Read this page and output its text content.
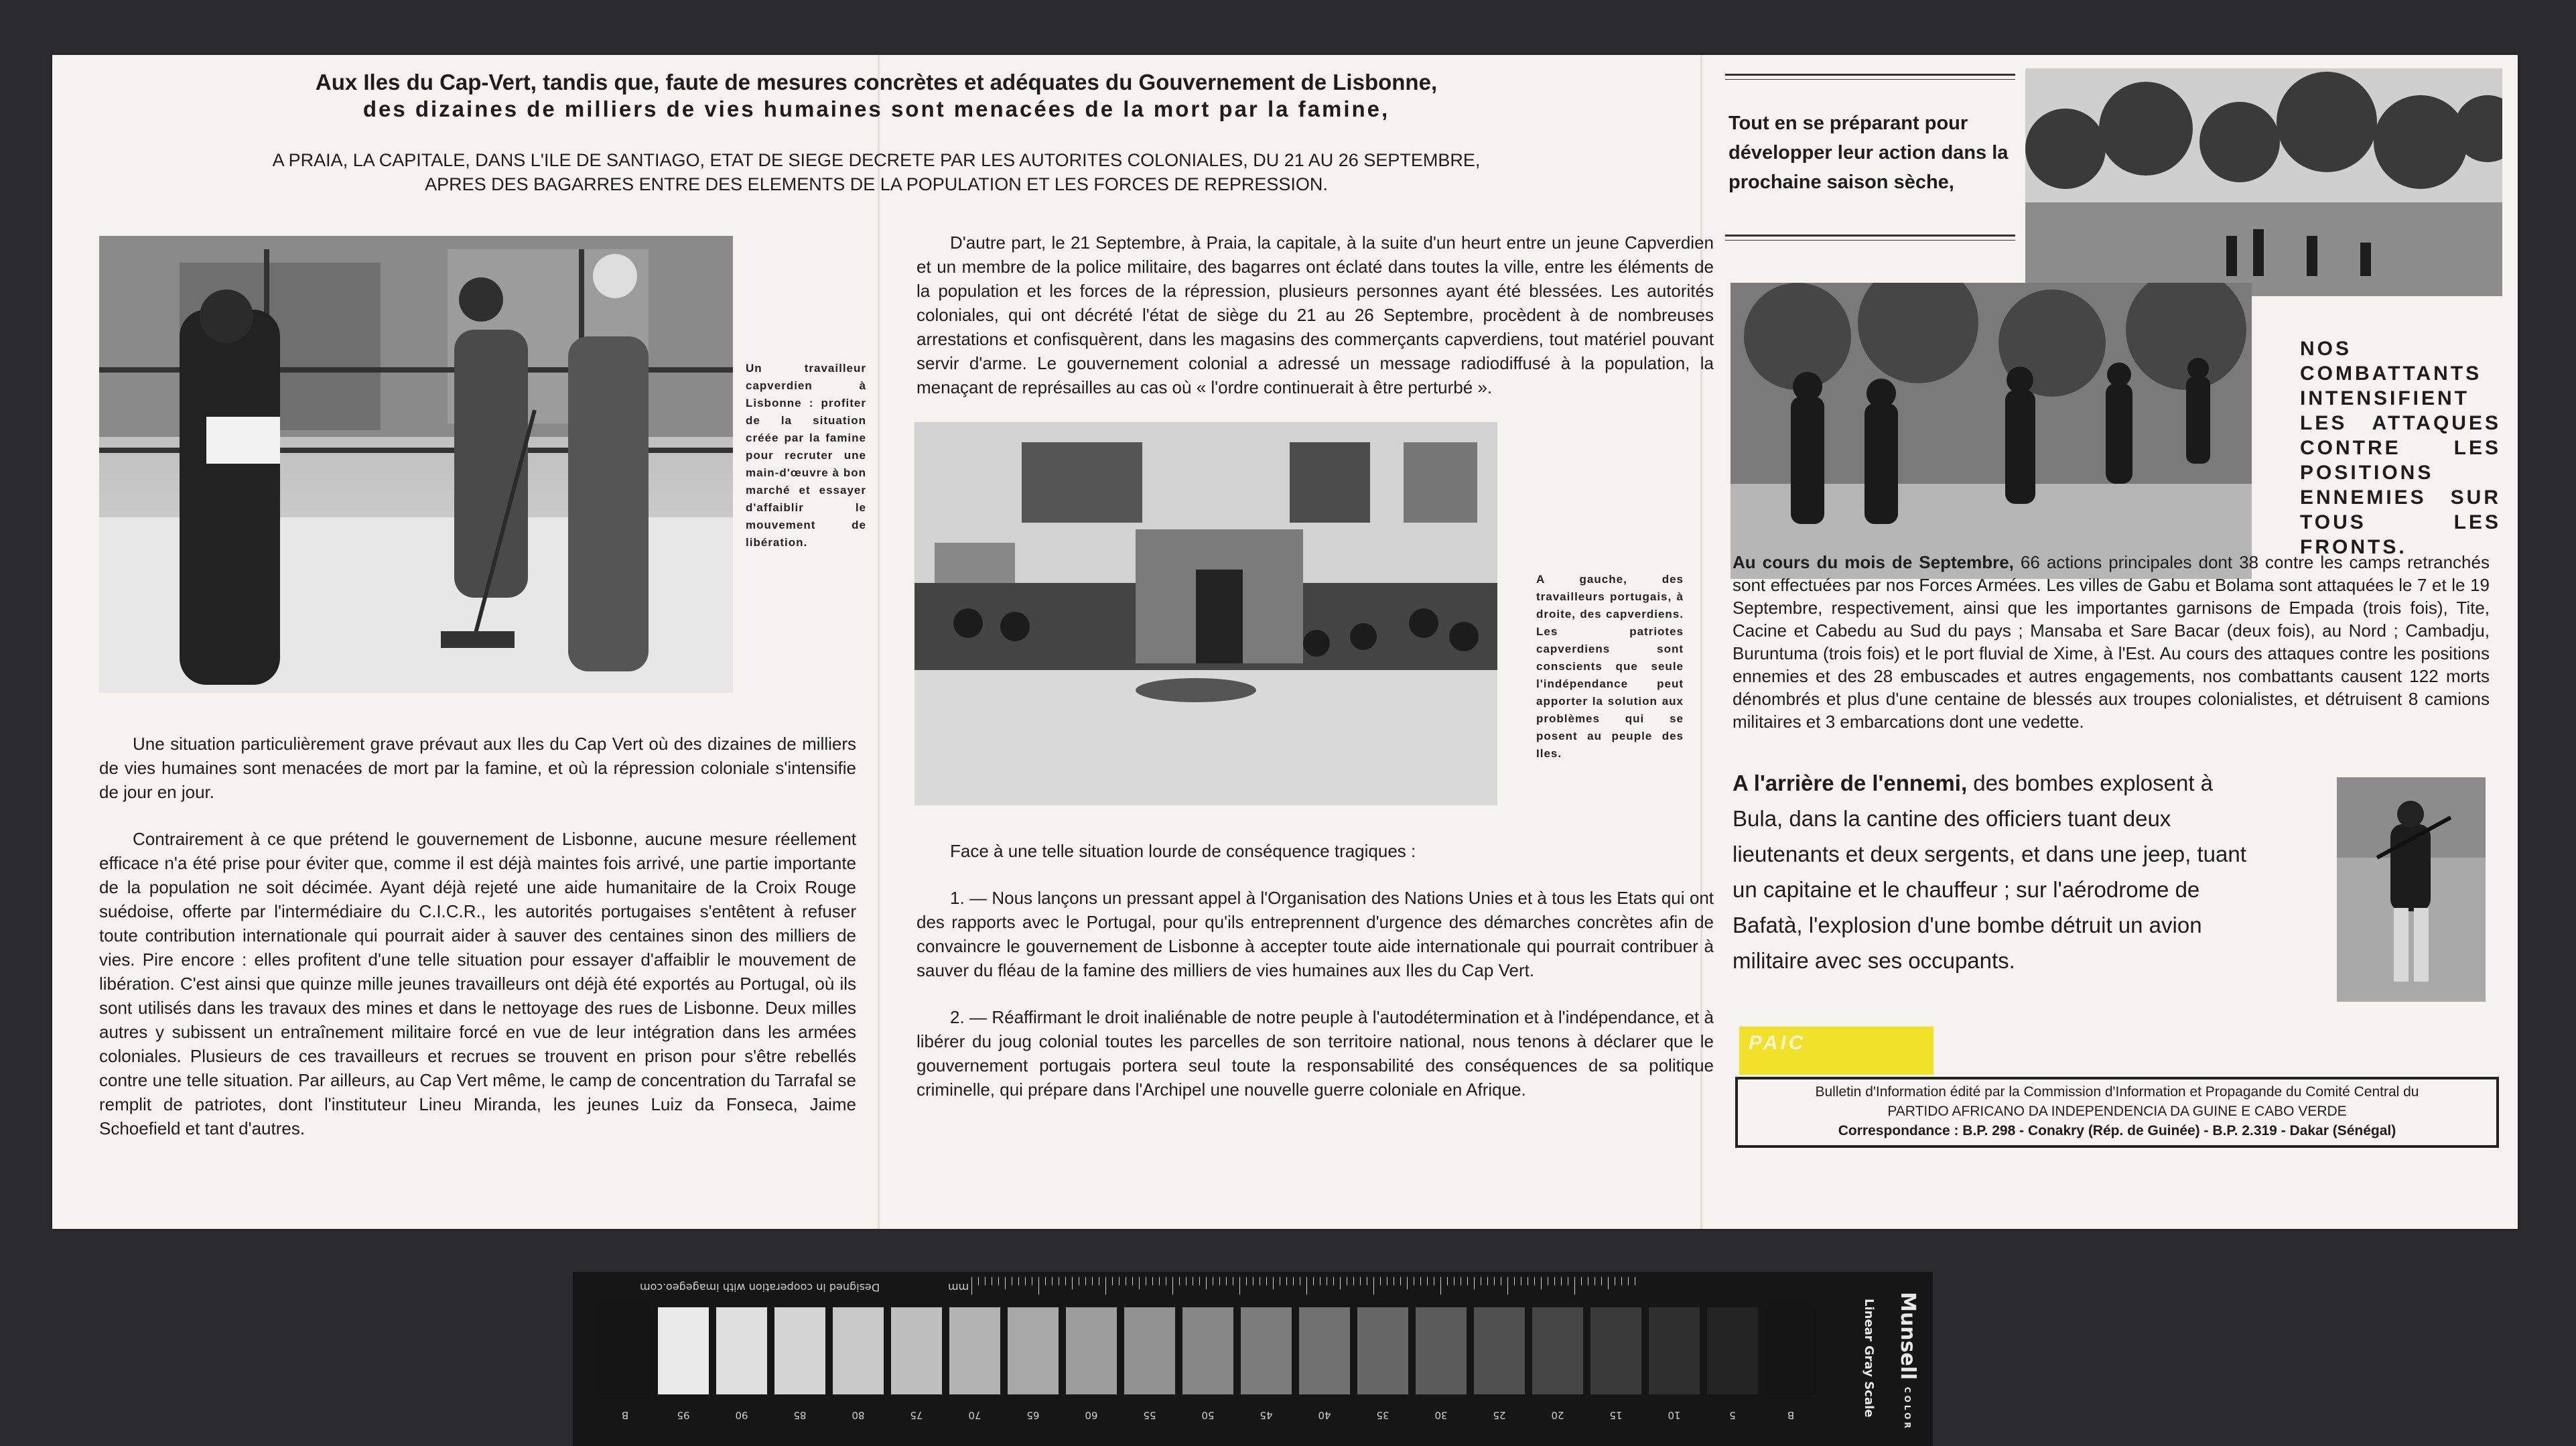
Aux Iles du Cap-Vert, tandis que, faute de mesures concrètes et adéquates du Gouvernement de Lisbonne,
des dizaines de milliers de vies humaines sont menacées de la mort par la famine,
A PRAIA, LA CAPITALE, DANS L'ILE DE SANTIAGO, ETAT DE SIEGE DECRETE PAR LES AUTORITES COLONIALES, DU 21 AU 26 SEPTEMBRE,
APRES DES BAGARRES ENTRE DES ELEMENTS DE LA POPULATION ET LES FORCES DE REPRESSION.
Un travailleur capverdien à Lisbonne : profiter de la situation créée par la famine pour recruter une main-d'œuvre à bon marché et essayer d'affaiblir le mouvement de libération.

Une situation particulièrement grave prévaut aux Iles du Cap Vert où des dizaines de milliers de vies humaines sont menacées de mort par la famine, et où la répression coloniale s'intensifie de jour en jour.

Contrairement à ce que prétend le gouvernement de Lisbonne, aucune mesure réellement efficace n'a été prise pour éviter que, comme il est déjà maintes fois arrivé, une partie importante de la population ne soit décimée. Ayant déjà rejeté une aide humanitaire de la Croix Rouge suédoise, offerte par l'intermédiaire du C.I.C.R., les autorités portugaises s'entêtent à refuser toute contribution internationale qui pourrait aider à sauver des centaines sinon des milliers de vies. Pire encore : elles profitent d'une telle situation pour essayer d'affaiblir le mouvement de libération. C'est ainsi que quinze mille jeunes travailleurs ont déjà été exportés au Portugal, où ils sont utilisés dans les travaux des mines et dans le nettoyage des rues de Lisbonne. Deux milles autres y subissent un entraînement militaire forcé en vue de leur intégration dans les armées coloniales. Plusieurs de ces travailleurs et recrues se trouvent en prison pour s'être rebellés contre une telle situation. Par ailleurs, au Cap Vert même, le camp de concentration du Tarrafal se remplit de patriotes, dont l'instituteur Lineu Miranda, les jeunes Luiz da Fonseca, Jaime Schoefield et tant d'autres.

D'autre part, le 21 Septembre, à Praia, la capitale, à la suite d'un heurt entre un jeune Capverdien et un membre de la police militaire, des bagarres ont éclaté dans toutes la ville, entre les éléments de la population et les forces de la répression, plusieurs personnes ayant été blessées. Les autorités coloniales, qui ont décrété l'état de siège du 21 au 26 Septembre, procèdent à de nombreuses arrestations et confisquèrent, dans les magasins des commerçants capverdiens, tout matériel pouvant servir d'arme. Le gouvernement colonial a adressé un message radiodiffusé à la population, la menaçant de représailles au cas où « l'ordre continuerait à être perturbé ».

A gauche, des travailleurs portugais, à droite, des capverdiens. Les patriotes capverdiens sont conscients que seule l'indépendance peut apporter la solution aux problèmes qui se posent au peuple des Iles.

Face à une telle situation lourde de conséquence tragiques :

1. — Nous lançons un pressant appel à l'Organisation des Nations Unies et à tous les Etats qui ont des rapports avec le Portugal, pour qu'ils entreprennent d'urgence des démarches concrètes afin de convaincre le gouvernement de Lisbonne à accepter toute aide internationale qui pourrait contribuer à sauver du fléau de la famine des milliers de vies humaines aux Iles du Cap Vert.

2. — Réaffirmant le droit inaliénable de notre peuple à l'autodétermination et à l'indépendance, et à libérer du joug colonial toutes les parcelles de son territoire national, nous tenons à déclarer que le gouvernement portugais portera seul toute la responsabilité des conséquences de sa politique criminelle, qui prépare dans l'Archipel une nouvelle guerre coloniale en Afrique.

Tout en se préparant pour développer leur action dans la prochaine saison sèche,
NOS COMBATTANTS INTENSIFIENT LES ATTAQUES CONTRE LES POSITIONS ENNEMIES SUR TOUS LES FRONTS.
Au cours du mois de Septembre, 66 actions principales dont 38 contre les camps retranchés sont effectuées par nos Forces Armées. Les villes de Gabu et Bolama sont attaquées le 7 et le 19 Septembre, respectivement, ainsi que les importantes garnisons de Empada (trois fois), Tite, Cacine et Cabedu au Sud du pays ; Mansaba et Sare Bacar (deux fois), au Nord ; Cambadju, Buruntuma (trois fois) et le port fluvial de Xime, à l'Est. Au cours des attaques contre les positions ennemies et des 28 embuscades et autres engagements, nos combattants causent 122 morts dénombrés et plus d'une centaine de blessés aux troupes colonialistes, et détruisent 8 camions militaires et 3 embarcations dont une vedette.
A l'arrière de l'ennemi, des bombes explosent à Bula, dans la cantine des officiers tuant deux lieutenants et deux sergents, et dans une jeep, tuant un capitaine et le chauffeur ; sur l'aérodrome de Bafatà, l'explosion d'une bombe détruit un avion militaire avec ses occupants.
PAIC
Bulletin d'Information édité par la Commission d'Information et Propagande du Comité Central du
PARTIDO AFRICANO DA INDEPENDENCIA DA GUINE E CABO VERDE
Correspondance : B.P. 298 - Conakry (Rép. de Guinée) - B.P. 2.319 - Dakar (Sénégal)
Designed in cooperation with imagegeo.com	mm
Munsell COLOR
Linear Gray Scale
B	95	90	85	80	75	70	65	60	55	50	45	40	35	30	25	20	15	10	5	B
